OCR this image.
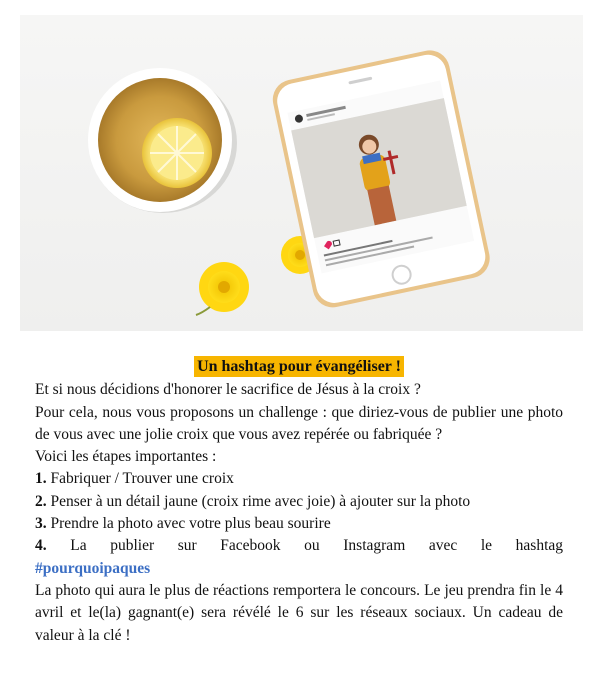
Un hashtag pour évangéliser !

Et si nous décidions d'honorer le sacrifice de Jésus à la croix ?

Pour cela, nous vous proposons un challenge : que diriez-vous de publier une photo de vous avec une jolie croix que vous avez repérée ou fabriquée ?

Voici les étapes importantes :

1. Fabriquer / Trouver une croix

2. Penser à un détail jaune (croix rime avec joie) à ajouter sur la photo

3. Prendre la photo avec votre plus beau sourire

4. La publier sur Facebook ou Instagram avec le hashtag

#pourquoipaques

La photo qui aura le plus de réactions remportera le concours. Le jeu prendra fin le 4 avril et le(la) gagnant(e) sera révélé le 6 sur les réseaux sociaux. Un cadeau de valeur à la clé !
